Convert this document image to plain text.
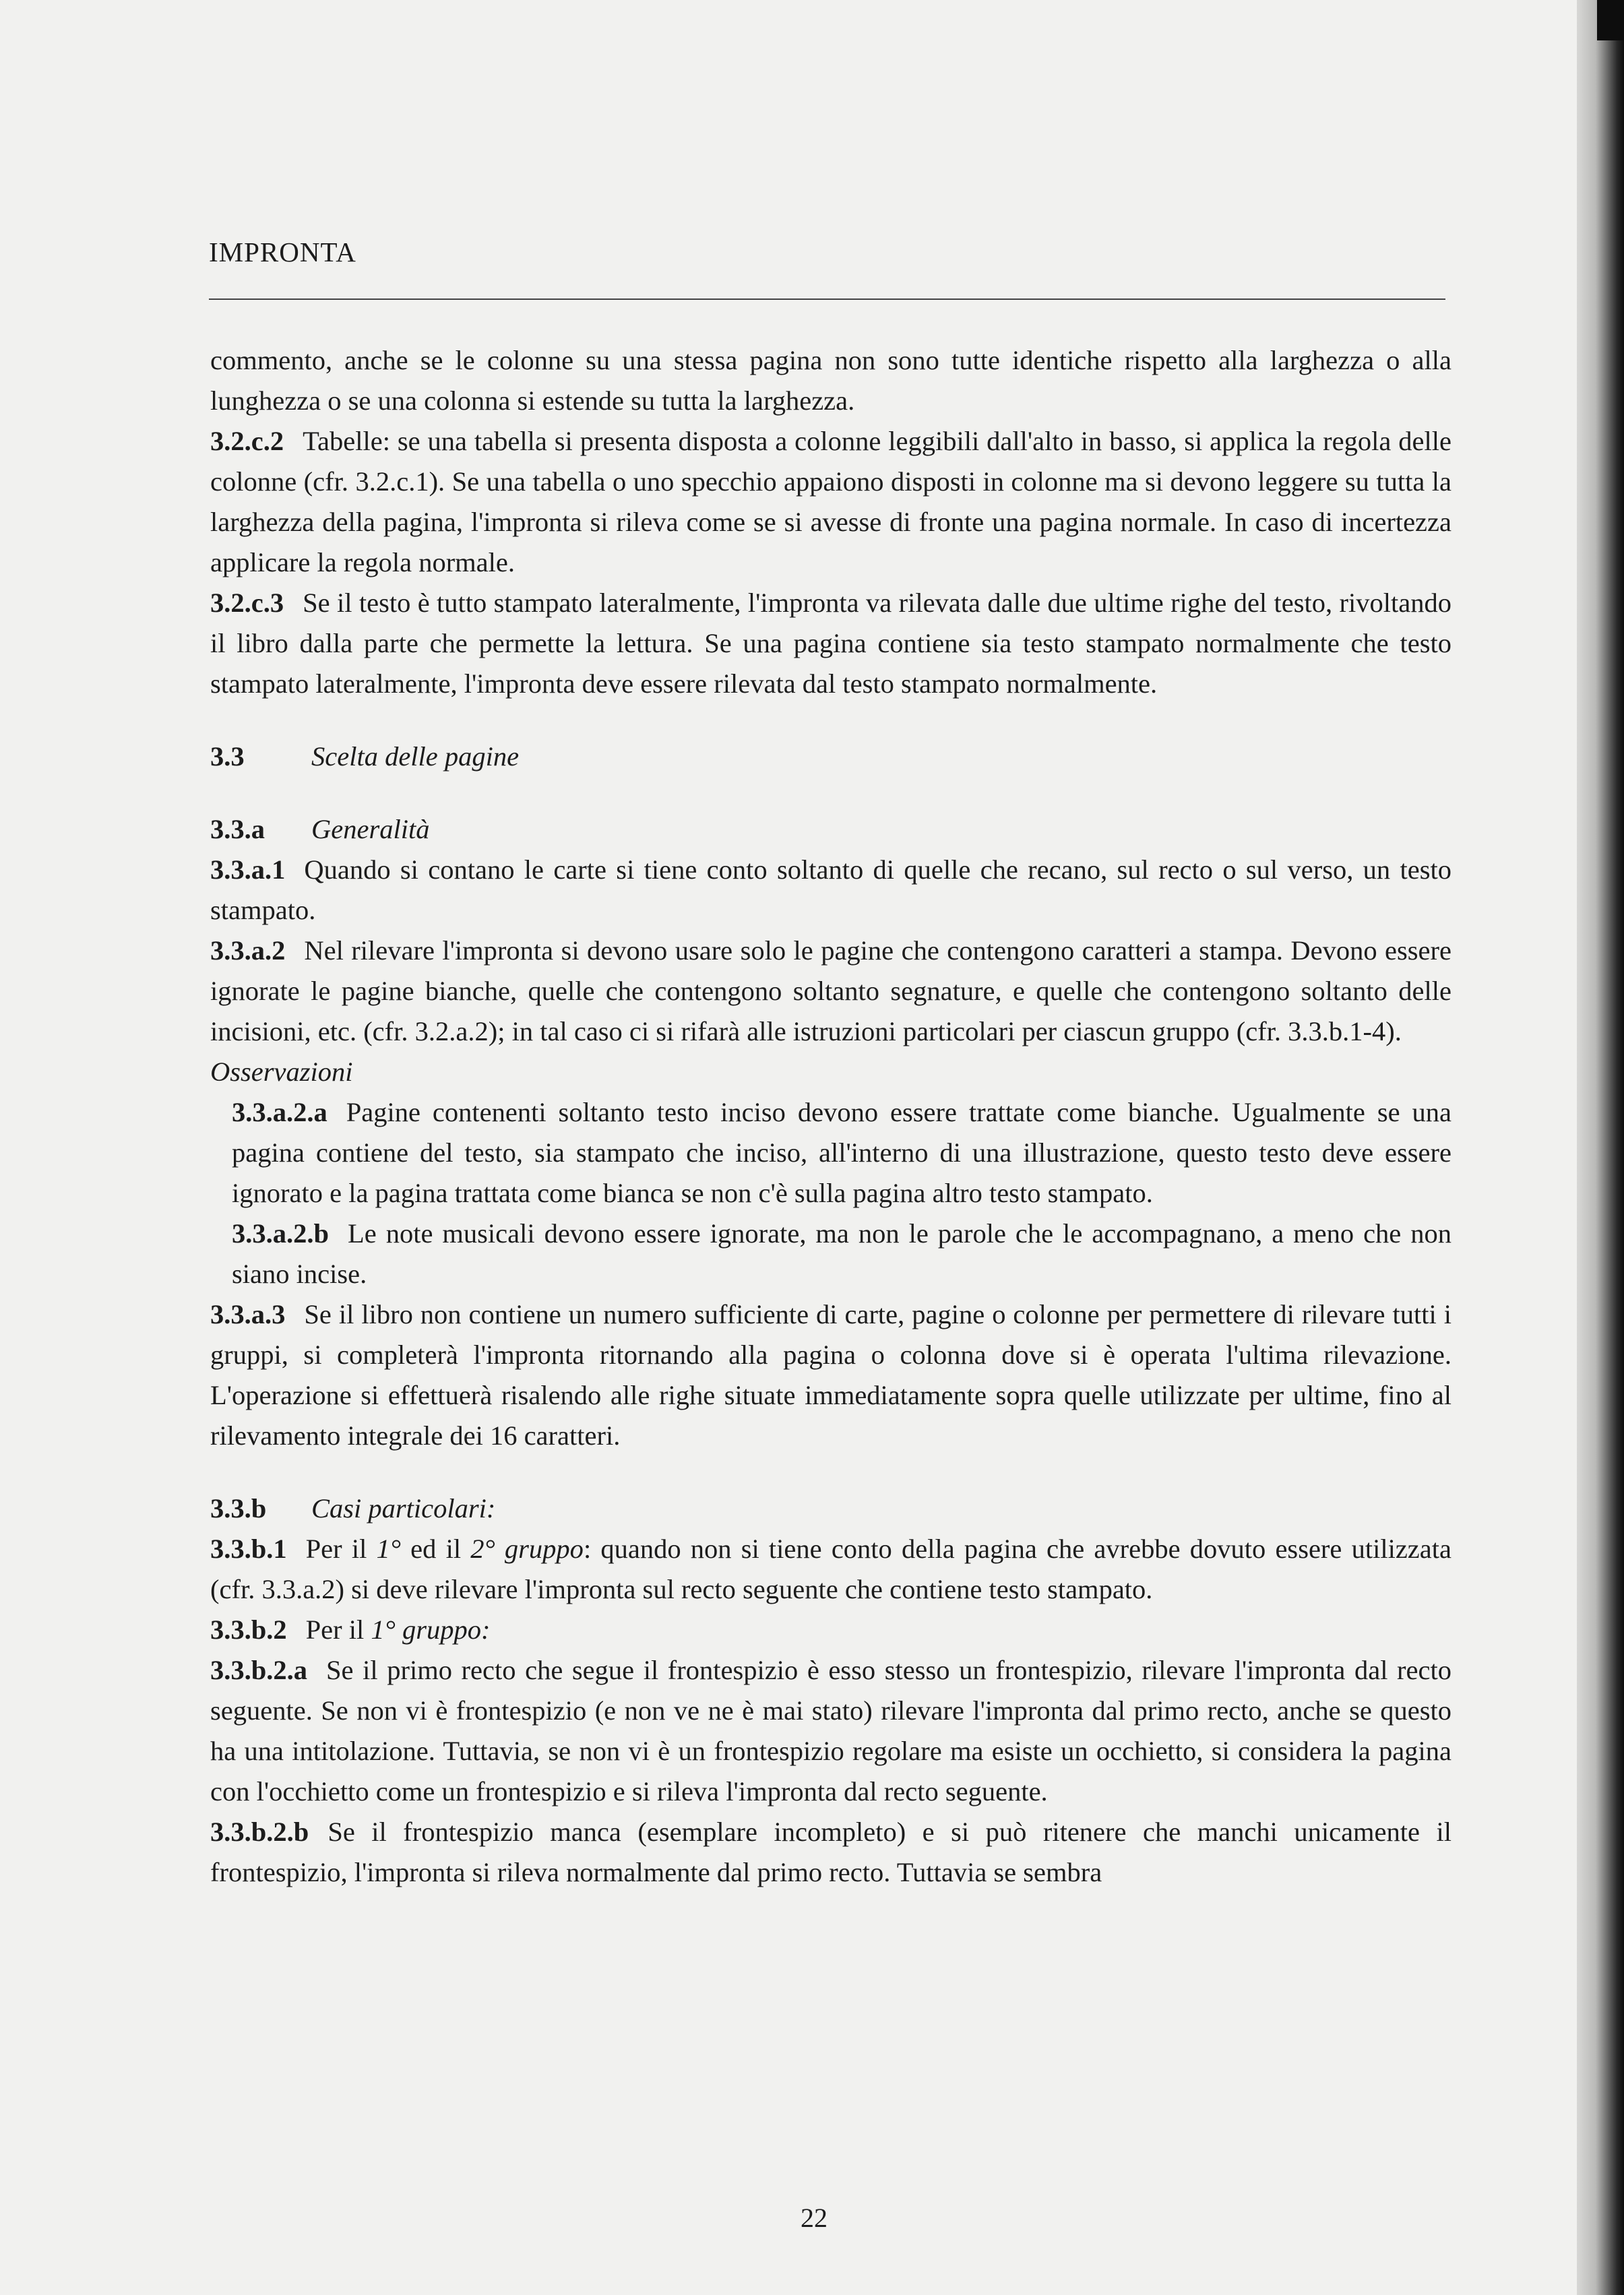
IMPRONTA

commento, anche se le colonne su una stessa pagina non sono tutte identiche rispetto alla larghezza o alla lunghezza o se una colonna si estende su tutta la larghezza.

3.2.c.2 Tabelle: se una tabella si presenta disposta a colonne leggibili dall'alto in basso, si applica la regola delle colonne (cfr. 3.2.c.1). Se una tabella o uno specchio appaiono disposti in colonne ma si devono leggere su tutta la larghezza della pagina, l'impronta si rileva come se si avesse di fronte una pagina normale. In caso di incertezza applicare la regola normale.

3.2.c.3 Se il testo è tutto stampato lateralmente, l'impronta va rilevata dalle due ultime righe del testo, rivoltando il libro dalla parte che permette la lettura. Se una pagina contiene sia testo stampato normalmente che testo stampato lateralmente, l'impronta deve essere rilevata dal testo stampato normalmente.

3.3 Scelta delle pagine

3.3.a Generalità

3.3.a.1 Quando si contano le carte si tiene conto soltanto di quelle che recano, sul recto o sul verso, un testo stampato.

3.3.a.2 Nel rilevare l'impronta si devono usare solo le pagine che contengono caratteri a stampa. Devono essere ignorate le pagine bianche, quelle che contengono soltanto segnature, e quelle che contengono soltanto delle incisioni, etc. (cfr. 3.2.a.2); in tal caso ci si rifarà alle istruzioni particolari per ciascun gruppo (cfr. 3.3.b.1-4).

Osservazioni

3.3.a.2.a Pagine contenenti soltanto testo inciso devono essere trattate come bianche. Ugualmente se una pagina contiene del testo, sia stampato che inciso, all'interno di una illustrazione, questo testo deve essere ignorato e la pagina trattata come bianca se non c'è sulla pagina altro testo stampato.

3.3.a.2.b Le note musicali devono essere ignorate, ma non le parole che le accompagnano, a meno che non siano incise.

3.3.a.3 Se il libro non contiene un numero sufficiente di carte, pagine o colonne per permettere di rilevare tutti i gruppi, si completerà l'impronta ritornando alla pagina o colonna dove si è operata l'ultima rilevazione. L'operazione si effettuerà risalendo alle righe situate immediatamente sopra quelle utilizzate per ultime, fino al rilevamento integrale dei 16 caratteri.

3.3.b Casi particolari:

3.3.b.1 Per il 1° ed il 2° gruppo: quando non si tiene conto della pagina che avrebbe dovuto essere utilizzata (cfr. 3.3.a.2) si deve rilevare l'impronta sul recto seguente che contiene testo stampato.

3.3.b.2 Per il 1° gruppo:

3.3.b.2.a Se il primo recto che segue il frontespizio è esso stesso un frontespizio, rilevare l'impronta dal recto seguente. Se non vi è frontespizio (e non ve ne è mai stato) rilevare l'impronta dal primo recto, anche se questo ha una intitolazione. Tuttavia, se non vi è un frontespizio regolare ma esiste un occhietto, si considera la pagina con l'occhietto come un frontespizio e si rileva l'impronta dal recto seguente.

3.3.b.2.b Se il frontespizio manca (esemplare incompleto) e si può ritenere che manchi unicamente il frontespizio, l'impronta si rileva normalmente dal primo recto. Tuttavia se sembra

22
